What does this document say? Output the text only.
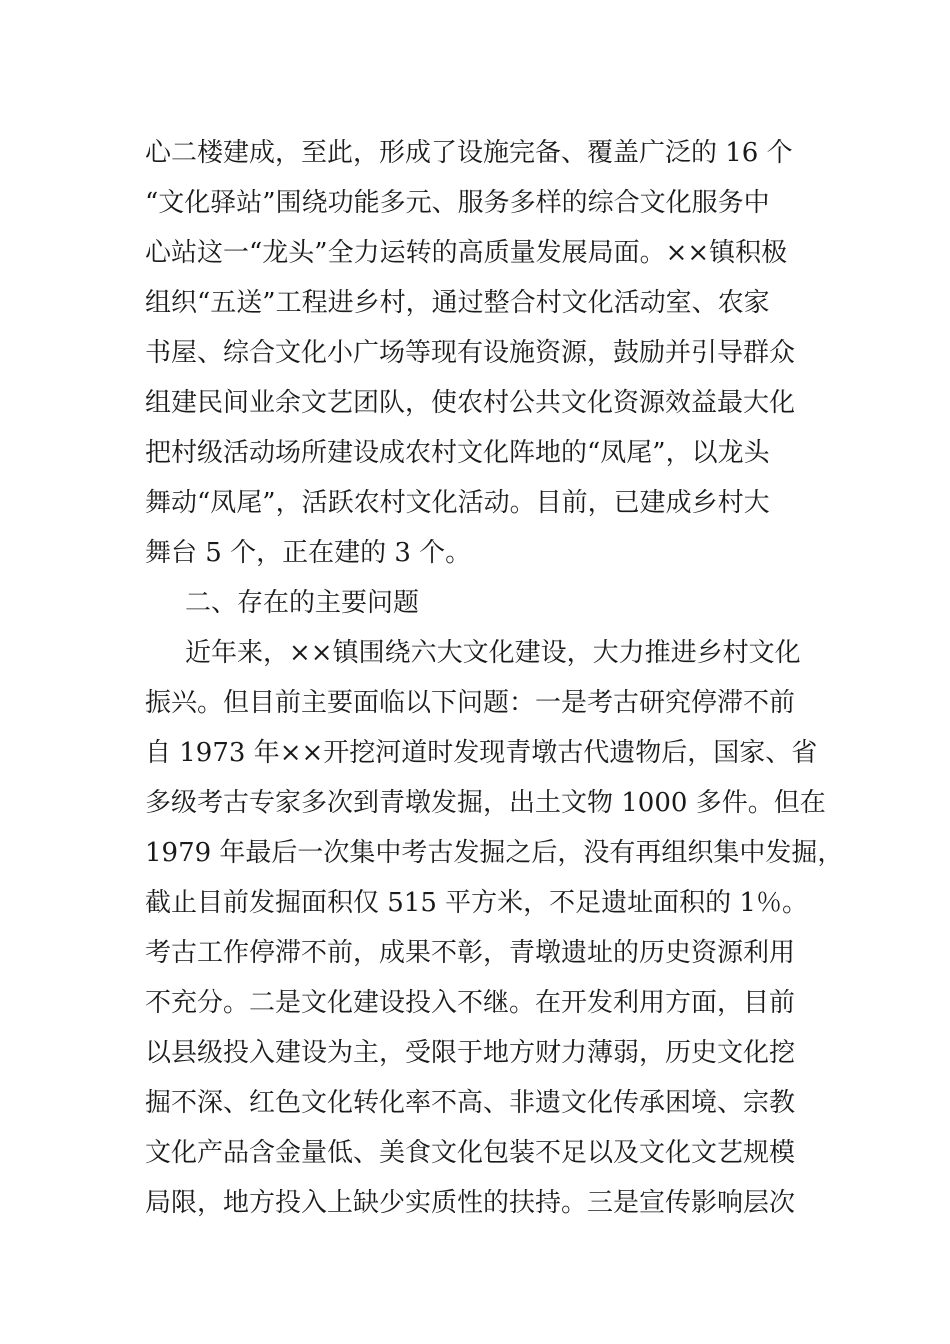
心二楼建成，至此，形成了设施完备、覆盖广泛的 16 个
“文化驿站”围绕功能多元、服务多样的综合文化服务中
心站这一“龙头”全力运转的高质量发展局面。××镇积极
组织“五送”工程进乡村，通过整合村文化活动室、农家
书屋、综合文化小广场等现有设施资源，鼓励并引导群众
组建民间业余文艺团队，使农村公共文化资源效益最大化
把村级活动场所建设成农村文化阵地的“凤尾”，以龙头
舞动“凤尾”，活跃农村文化活动。目前，已建成乡村大
舞台 5 个，正在建的 3 个。
二、存在的主要问题
近年来，××镇围绕六大文化建设，大力推进乡村文化
振兴。但目前主要面临以下问题：一是考古研究停滞不前
自 1973 年××开挖河道时发现青墩古代遗物后，国家、省
多级考古专家多次到青墩发掘，出土文物 1000 多件。但在
1979 年最后一次集中考古发掘之后，没有再组织集中发掘，
截止目前发掘面积仅 515 平方米，不足遗址面积的 1％。
考古工作停滞不前，成果不彰，青墩遗址的历史资源利用
不充分。二是文化建设投入不继。在开发利用方面，目前
以县级投入建设为主，受限于地方财力薄弱，历史文化挖
掘不深、红色文化转化率不高、非遗文化传承困境、宗教
文化产品含金量低、美食文化包装不足以及文化文艺规模
局限，地方投入上缺少实质性的扶持。三是宣传影响层次
